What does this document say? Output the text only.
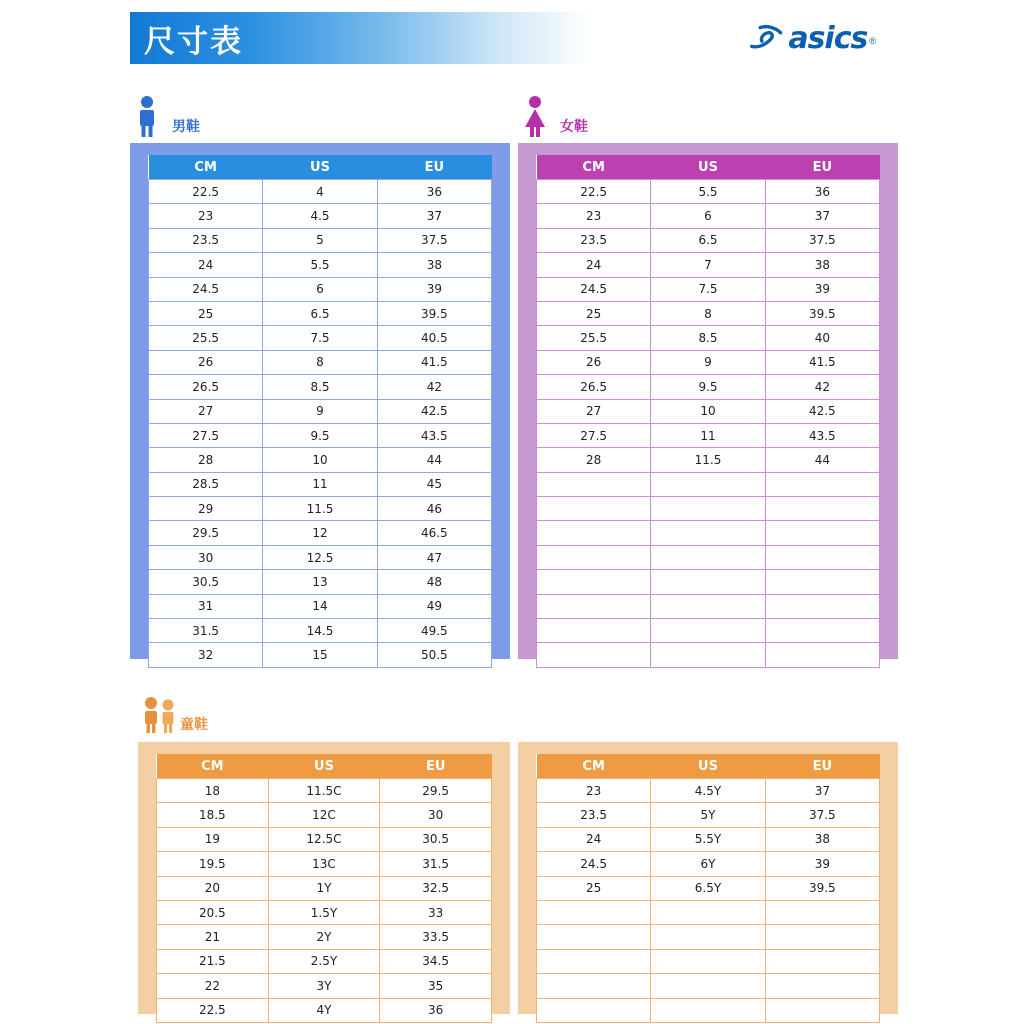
尺寸表	asics ®
男鞋	女鞋
童鞋
CM	US	EU
22.5	4	36
23	4.5	37
23.5	5	37.5
24	5.5	38
24.5	6	39
25	6.5	39.5
25.5	7.5	40.5
26	8	41.5
26.5	8.5	42
27	9	42.5
27.5	9.5	43.5
28	10	44
28.5	11	45
29	11.5	46
29.5	12	46.5
30	12.5	47
30.5	13	48
31	14	49
31.5	14.5	49.5
32	15	50.5
CM	US	EU
22.5	5.5	36
23	6	37
23.5	6.5	37.5
24	7	38
24.5	7.5	39
25	8	39.5
25.5	8.5	40
26	9	41.5
26.5	9.5	42
27	10	42.5
27.5	11	43.5
28	11.5	44

CM	US	EU
18	11.5C	29.5
18.5	12C	30
19	12.5C	30.5
19.5	13C	31.5
20	1Y	32.5
20.5	1.5Y	33
21	2Y	33.5
21.5	2.5Y	34.5
22	3Y	35
22.5	4Y	36
CM	US	EU
23	4.5Y	37
23.5	5Y	37.5
24	5.5Y	38
24.5	6Y	39
25	6.5Y	39.5
